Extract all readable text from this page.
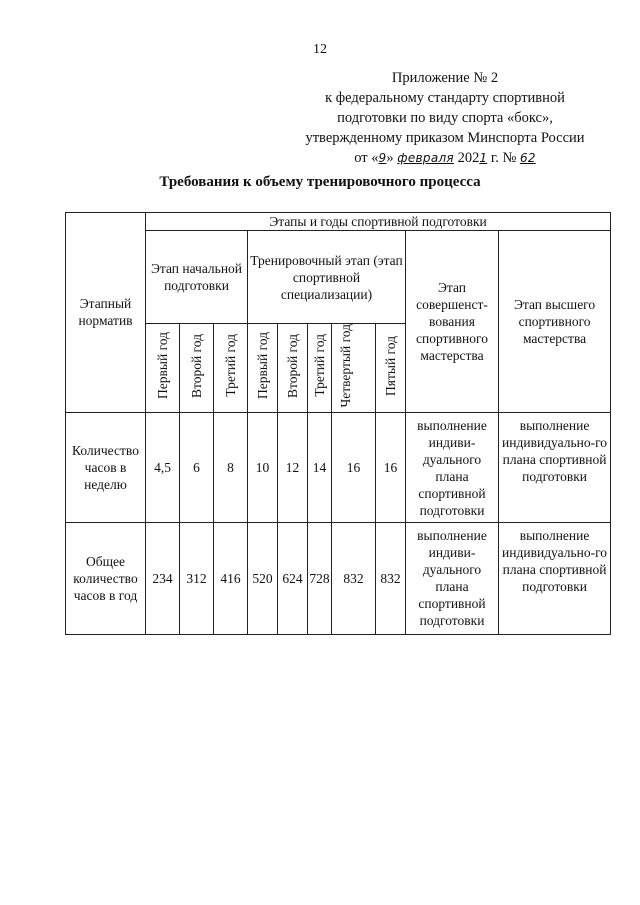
12
Приложение № 2
к федеральному стандарту спортивной
подготовки по виду спорта «бокс»,
утвержденному приказом Минспорта России
от «9» февраля 2021 г. № 62
Требования к объему тренировочного процесса
Этапный норматив	Этапы и годы спортивной подготовки									
	Этап начальной подготовки			Тренировочный этап (этап спортивной специализации)					Этап совершенст-вования спортивного мастерства	Этап высшего спортивного мастерства
	Первый год	Второй год	Третий год	Первый год	Второй год	Третий год	Четвертый год	Пятый год		
Количество часов в неделю	4,5	6	8	10	12	14	16	16	выполнение индиви-дуального плана спортивной подготовки	выполнение индивидуально-го плана спортивной подготовки
Общее количество часов в год	234	312	416	520	624	728	832	832	выполнение индиви-дуального плана спортивной подготовки	выполнение индивидуально-го плана спортивной подготовки
